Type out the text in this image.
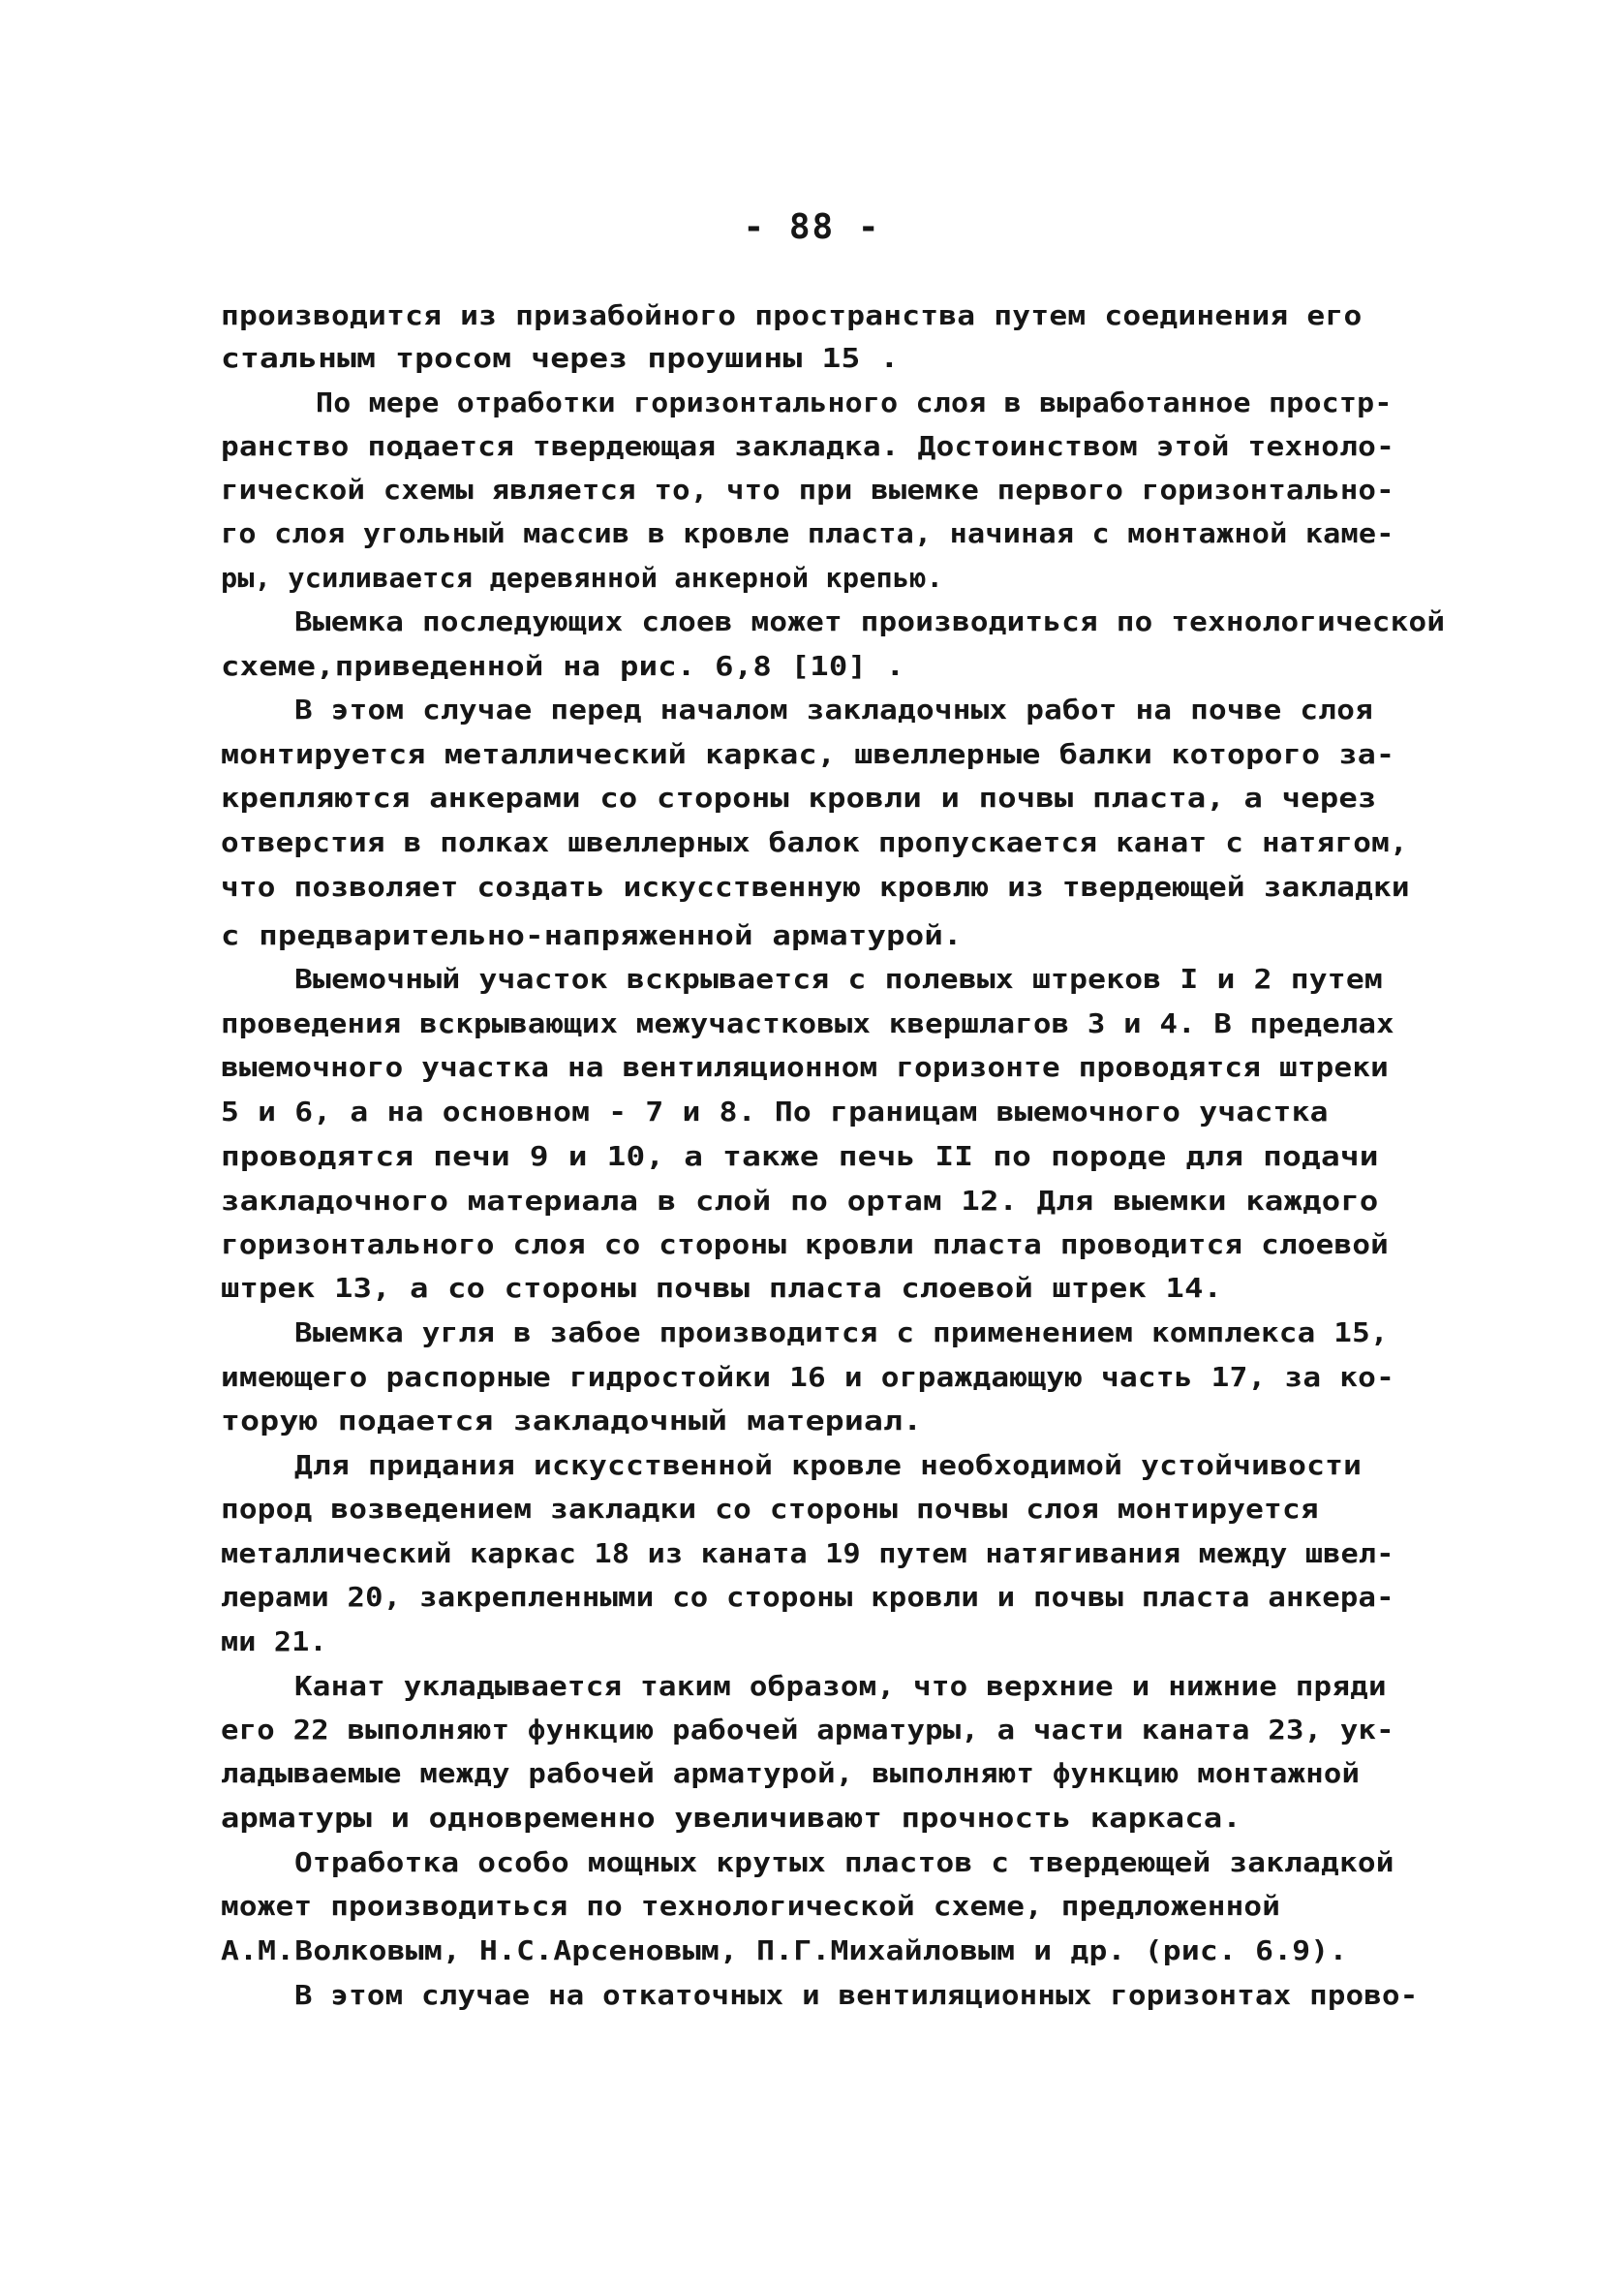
- 88 -
производится из призабойного пространства путем соединения его
стальным тросом через проушины 15 .
По мере отработки горизонтального слоя в выработанное простр-
ранство подается твердеющая закладка. Достоинством этой техноло-
гической схемы является то, что при выемке первого горизонтально-
го слоя угольный массив в кровле пласта, начиная с монтажной каме-
ры, усиливается деревянной анкерной крепью.
Выемка последующих слоев может производиться по технологической
схеме,приведенной на рис. 6,8 [10] .
В этом случае перед началом закладочных работ на почве слоя
монтируется металлический каркас, швеллерные балки которого за-
крепляются анкерами со стороны кровли и почвы пласта, а через
отверстия в полках швеллерных балок пропускается канат с натягом,
что позволяет создать искусственную кровлю из твердеющей закладки
с предварительно-напряженной арматурой.
Выемочный участок вскрывается с полевых штреков I и 2 путем
проведения вскрывающих межучастковых квершлагов 3 и 4. В пределах
выемочного участка на вентиляционном горизонте проводятся штреки
5 и 6, а на основном - 7 и 8. По границам выемочного участка
проводятся печи 9 и 10, а также печь II по породе для подачи
закладочного материала в слой по ортам 12. Для выемки каждого
горизонтального слоя со стороны кровли пласта проводится слоевой
штрек 13, а со стороны почвы пласта слоевой штрек 14.
Выемка угля в забое производится с применением комплекса 15,
имеющего распорные гидростойки 16 и ограждающую часть 17, за ко-
торую подается закладочный материал.
Для придания искусственной кровле необходимой устойчивости
пород возведением закладки со стороны почвы слоя монтируется
металлический каркас 18 из каната 19 путем натягивания между швел-
лерами 20, закрепленными со стороны кровли и почвы пласта анкера-
ми 21.
Канат укладывается таким образом, что верхние и нижние пряди
его 22 выполняют функцию рабочей арматуры, а части каната 23, ук-
ладываемые между рабочей арматурой, выполняют функцию монтажной
арматуры и одновременно увеличивают прочность каркаса.
Отработка особо мощных крутых пластов с твердеющей закладкой
может производиться по технологической схеме, предложенной
А.М.Волковым, Н.С.Арсеновым, П.Г.Михайловым и др. (рис. 6.9).
В этом случае на откаточных и вентиляционных горизонтах прово-
